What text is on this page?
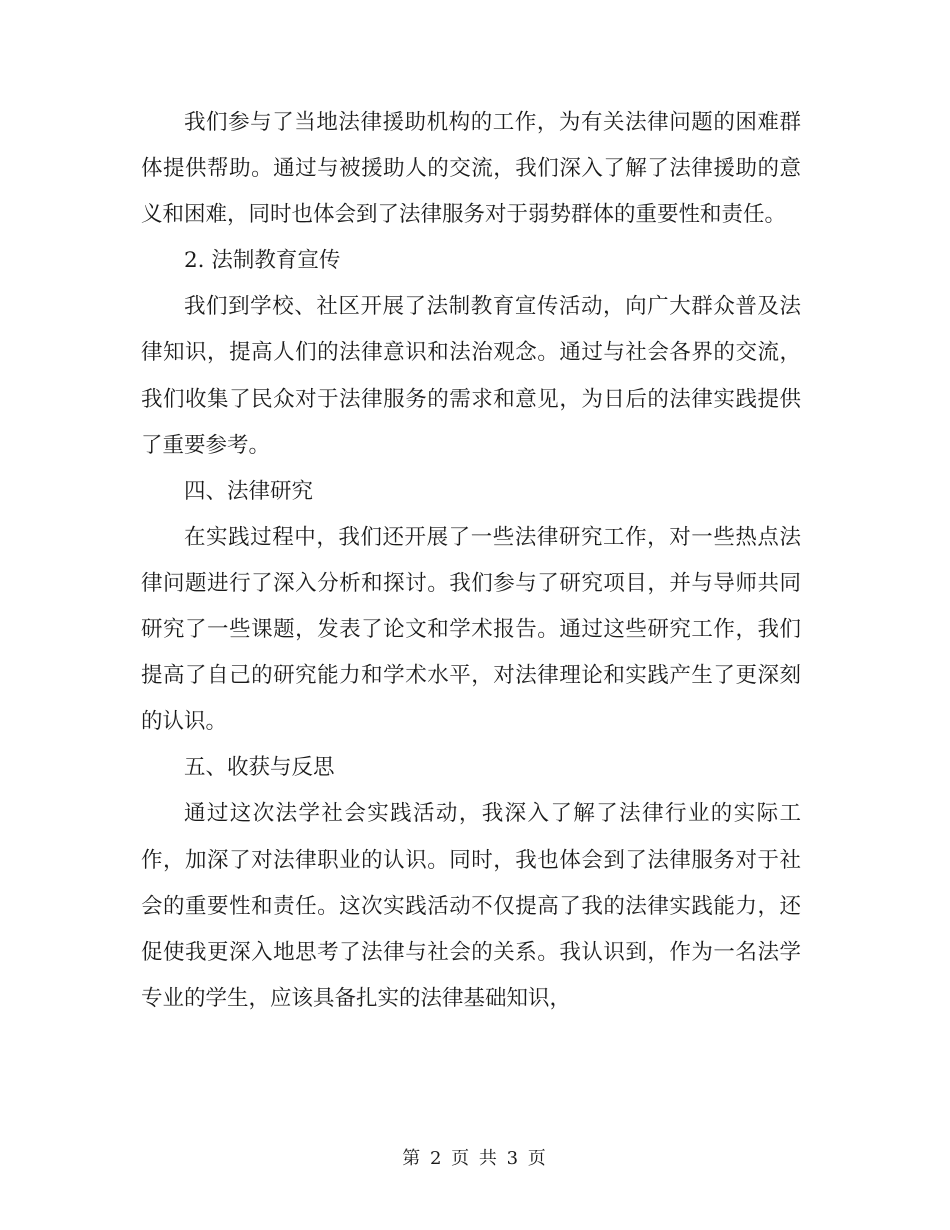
我们参与了当地法律援助机构的工作，为有关法律问题的困难群体提供帮助。通过与被援助人的交流，我们深入了解了法律援助的意义和困难，同时也体会到了法律服务对于弱势群体的重要性和责任。

2. 法制教育宣传

我们到学校、社区开展了法制教育宣传活动，向广大群众普及法律知识，提高人们的法律意识和法治观念。通过与社会各界的交流，我们收集了民众对于法律服务的需求和意见，为日后的法律实践提供了重要参考。

四、法律研究

在实践过程中，我们还开展了一些法律研究工作，对一些热点法律问题进行了深入分析和探讨。我们参与了研究项目，并与导师共同研究了一些课题，发表了论文和学术报告。通过这些研究工作，我们提高了自己的研究能力和学术水平，对法律理论和实践产生了更深刻的认识。

五、收获与反思

通过这次法学社会实践活动，我深入了解了法律行业的实际工作，加深了对法律职业的认识。同时，我也体会到了法律服务对于社会的重要性和责任。这次实践活动不仅提高了我的法律实践能力，还促使我更深入地思考了法律与社会的关系。我认识到，作为一名法学专业的学生，应该具备扎实的法律基础知识，

第 2 页 共 3 页
